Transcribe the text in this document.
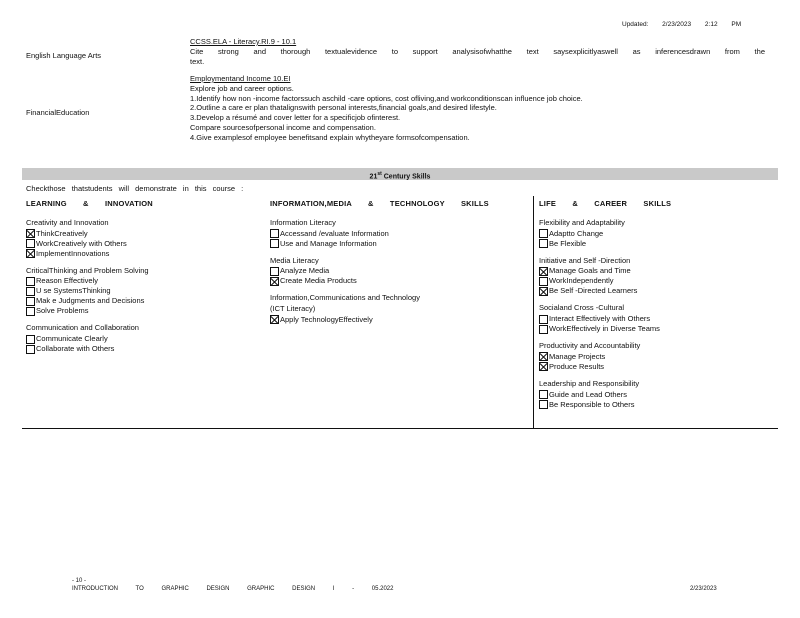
Updated: 2/23/2023 2:12 PM
English Language Arts

CCSS.ELA - Literacy.RI.9 - 10.1

Cite strong and thorough textualevidence to support analysisofwhatthe text saysexplicitlyaswell as inferencesdrawn from the

text.

FinancialEducation

Employmentand Income 10.EI

Explore job and career options.

1.Identify how non -income factorssuch aschild -care options, cost ofliving,and workconditionscan influence job choice.

2.Outline a care er plan thatalignswith personal interests,financial goals,and desired lifestyle.

3.Develop a résumé and cover letter for a specificjob ofinterest.

Compare sourcesofpersonal income and compensation.

4.Give examplesof employee benefitsand explain whytheyare formsofcompensation.

21st Century Skills
Checkthose thatstudents will demonstrate in this course :
LEARNING & INNOVATION
Creativity and Innovation
ThinkCreatively
WorkCreatively with Others
ImplementInnovations
CriticalThinking and Problem Solving
Reason Effectively
U se SystemsThinking
Mak e Judgments and Decisions
Solve Problems
Communication and Collaboration
Communicate Clearly
Collaborate with Others
INFORMATION,MEDIA & TECHNOLOGY SKILLS
Information Literacy
Accessand /evaluate Information
Use and Manage Information
Media Literacy
Analyze Media
Create Media Products
Information,Communications and Technology
(ICT Literacy)
Apply TechnologyEffectively
LIFE & CAREER SKILLS
Flexibility and Adaptability
Adaptto Change
Be Flexible
Initiative and Self -Direction
Manage Goals and Time
WorkIndependently
Be Self -Directed Learners
Socialand Cross -Cultural
Interact Effectively with Others
WorkEffectively in Diverse Teams
Productivity and Accountability
Manage Projects
Produce Results
Leadership and Responsibility
Guide and Lead Others
Be Responsible to Others
- 10 -
INTRODUCTION TO GRAPHIC DESIGN GRAPHIC DESIGN I - 05.2022	2/23/2023
